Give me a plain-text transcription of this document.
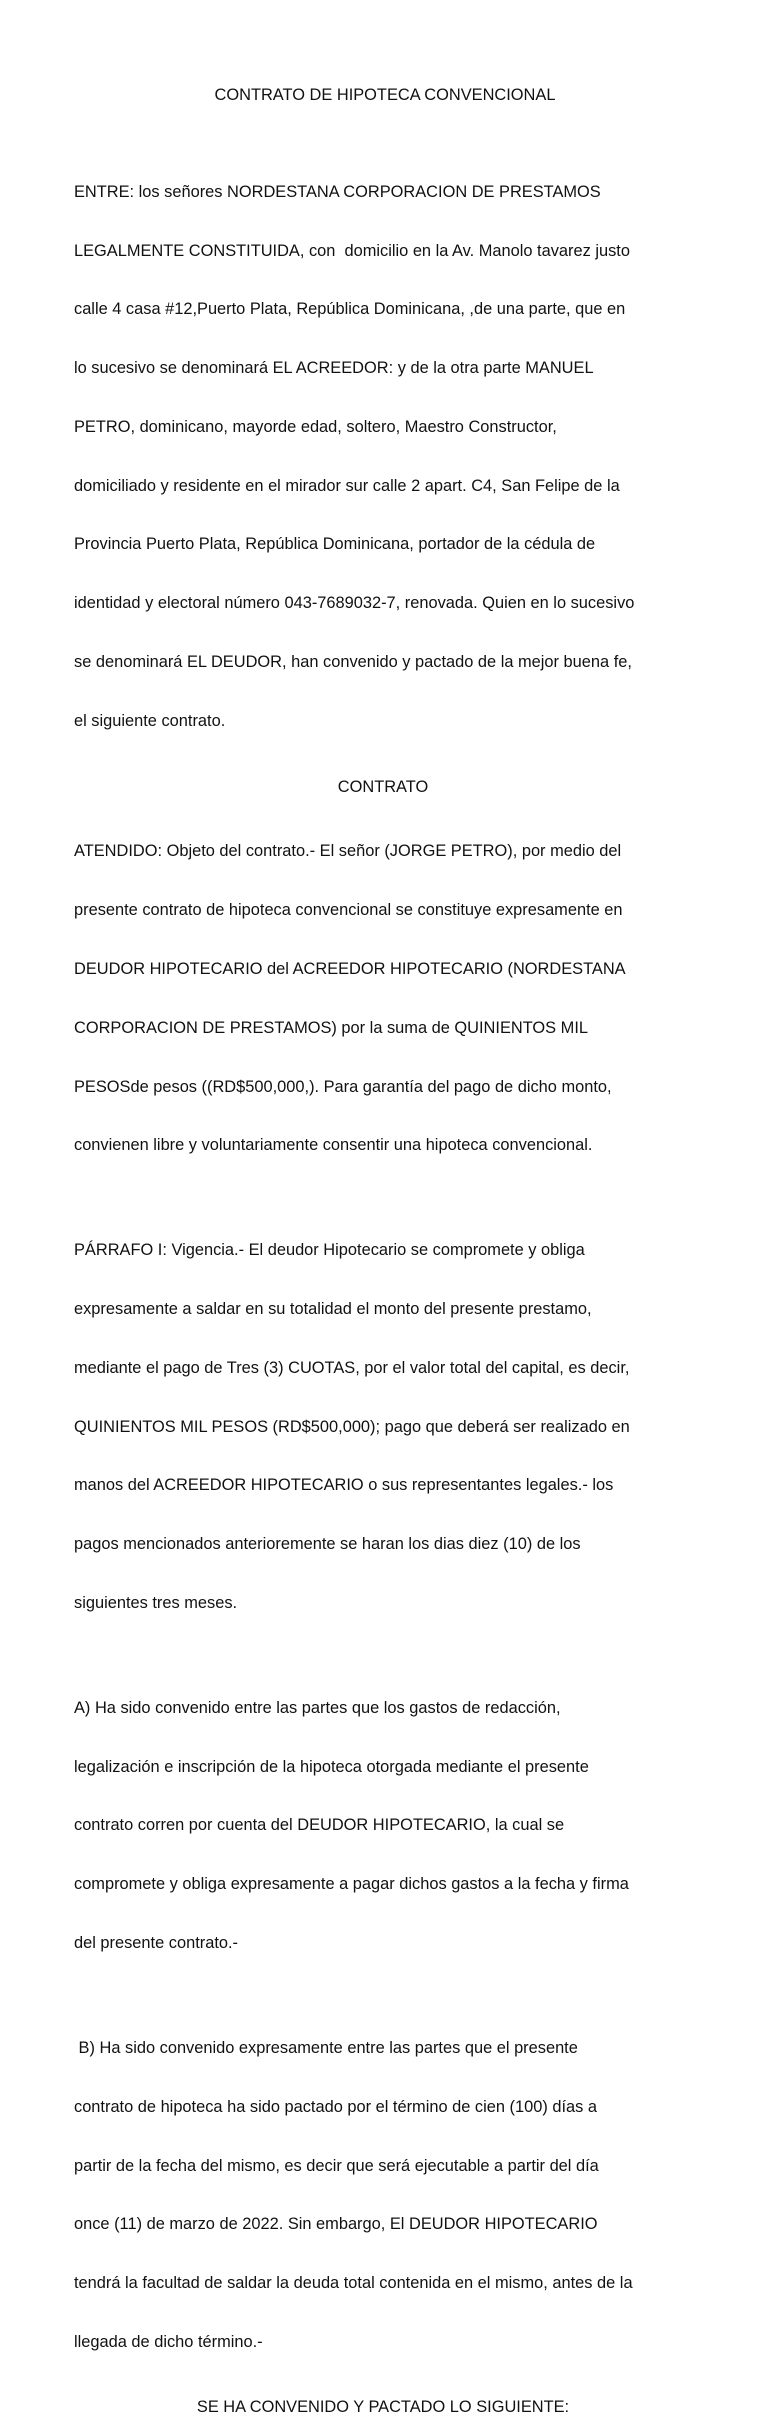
CONTRATO DE HIPOTECA CONVENCIONAL

ENTRE: los señores NORDESTANA CORPORACION DE PRESTAMOS

LEGALMENTE CONSTITUIDA, con  domicilio en la Av. Manolo tavarez justo

calle 4 casa #12,Puerto Plata, República Dominicana, ,de una parte, que en

lo sucesivo se denominará EL ACREEDOR: y de la otra parte MANUEL

PETRO, dominicano, mayorde edad, soltero, Maestro Constructor,

domiciliado y residente en el mirador sur calle 2 apart. C4, San Felipe de la

Provincia Puerto Plata, República Dominicana, portador de la cédula de

identidad y electoral número 043-7689032-7, renovada. Quien en lo sucesivo

se denominará EL DEUDOR, han convenido y pactado de la mejor buena fe,

el siguiente contrato.

CONTRATO

ATENDIDO: Objeto del contrato.- El señor (JORGE PETRO), por medio del

presente contrato de hipoteca convencional se constituye expresamente en

DEUDOR HIPOTECARIO del ACREEDOR HIPOTECARIO (NORDESTANA

CORPORACION DE PRESTAMOS) por la suma de QUINIENTOS MIL

PESOSde pesos ((RD$500,000,). Para garantía del pago de dicho monto,

convienen libre y voluntariamente consentir una hipoteca convencional.

PÁRRAFO I: Vigencia.- El deudor Hipotecario se compromete y obliga

expresamente a saldar en su totalidad el monto del presente prestamo,

mediante el pago de Tres (3) CUOTAS, por el valor total del capital, es decir,

QUINIENTOS MIL PESOS (RD$500,000); pago que deberá ser realizado en

manos del ACREEDOR HIPOTECARIO o sus representantes legales.- los

pagos mencionados anterioremente se haran los dias diez (10) de los

siguientes tres meses.

A) Ha sido convenido entre las partes que los gastos de redacción,

legalización e inscripción de la hipoteca otorgada mediante el presente

contrato corren por cuenta del DEUDOR HIPOTECARIO, la cual se

compromete y obliga expresamente a pagar dichos gastos a la fecha y firma

del presente contrato.-

B) Ha sido convenido expresamente entre las partes que el presente

contrato de hipoteca ha sido pactado por el término de cien (100) días a

partir de la fecha del mismo, es decir que será ejecutable a partir del día

once (11) de marzo de 2022. Sin embargo, El DEUDOR HIPOTECARIO

tendrá la facultad de saldar la deuda total contenida en el mismo, antes de la

llegada de dicho término.-

SE HA CONVENIDO Y PACTADO LO SIGUIENTE:
